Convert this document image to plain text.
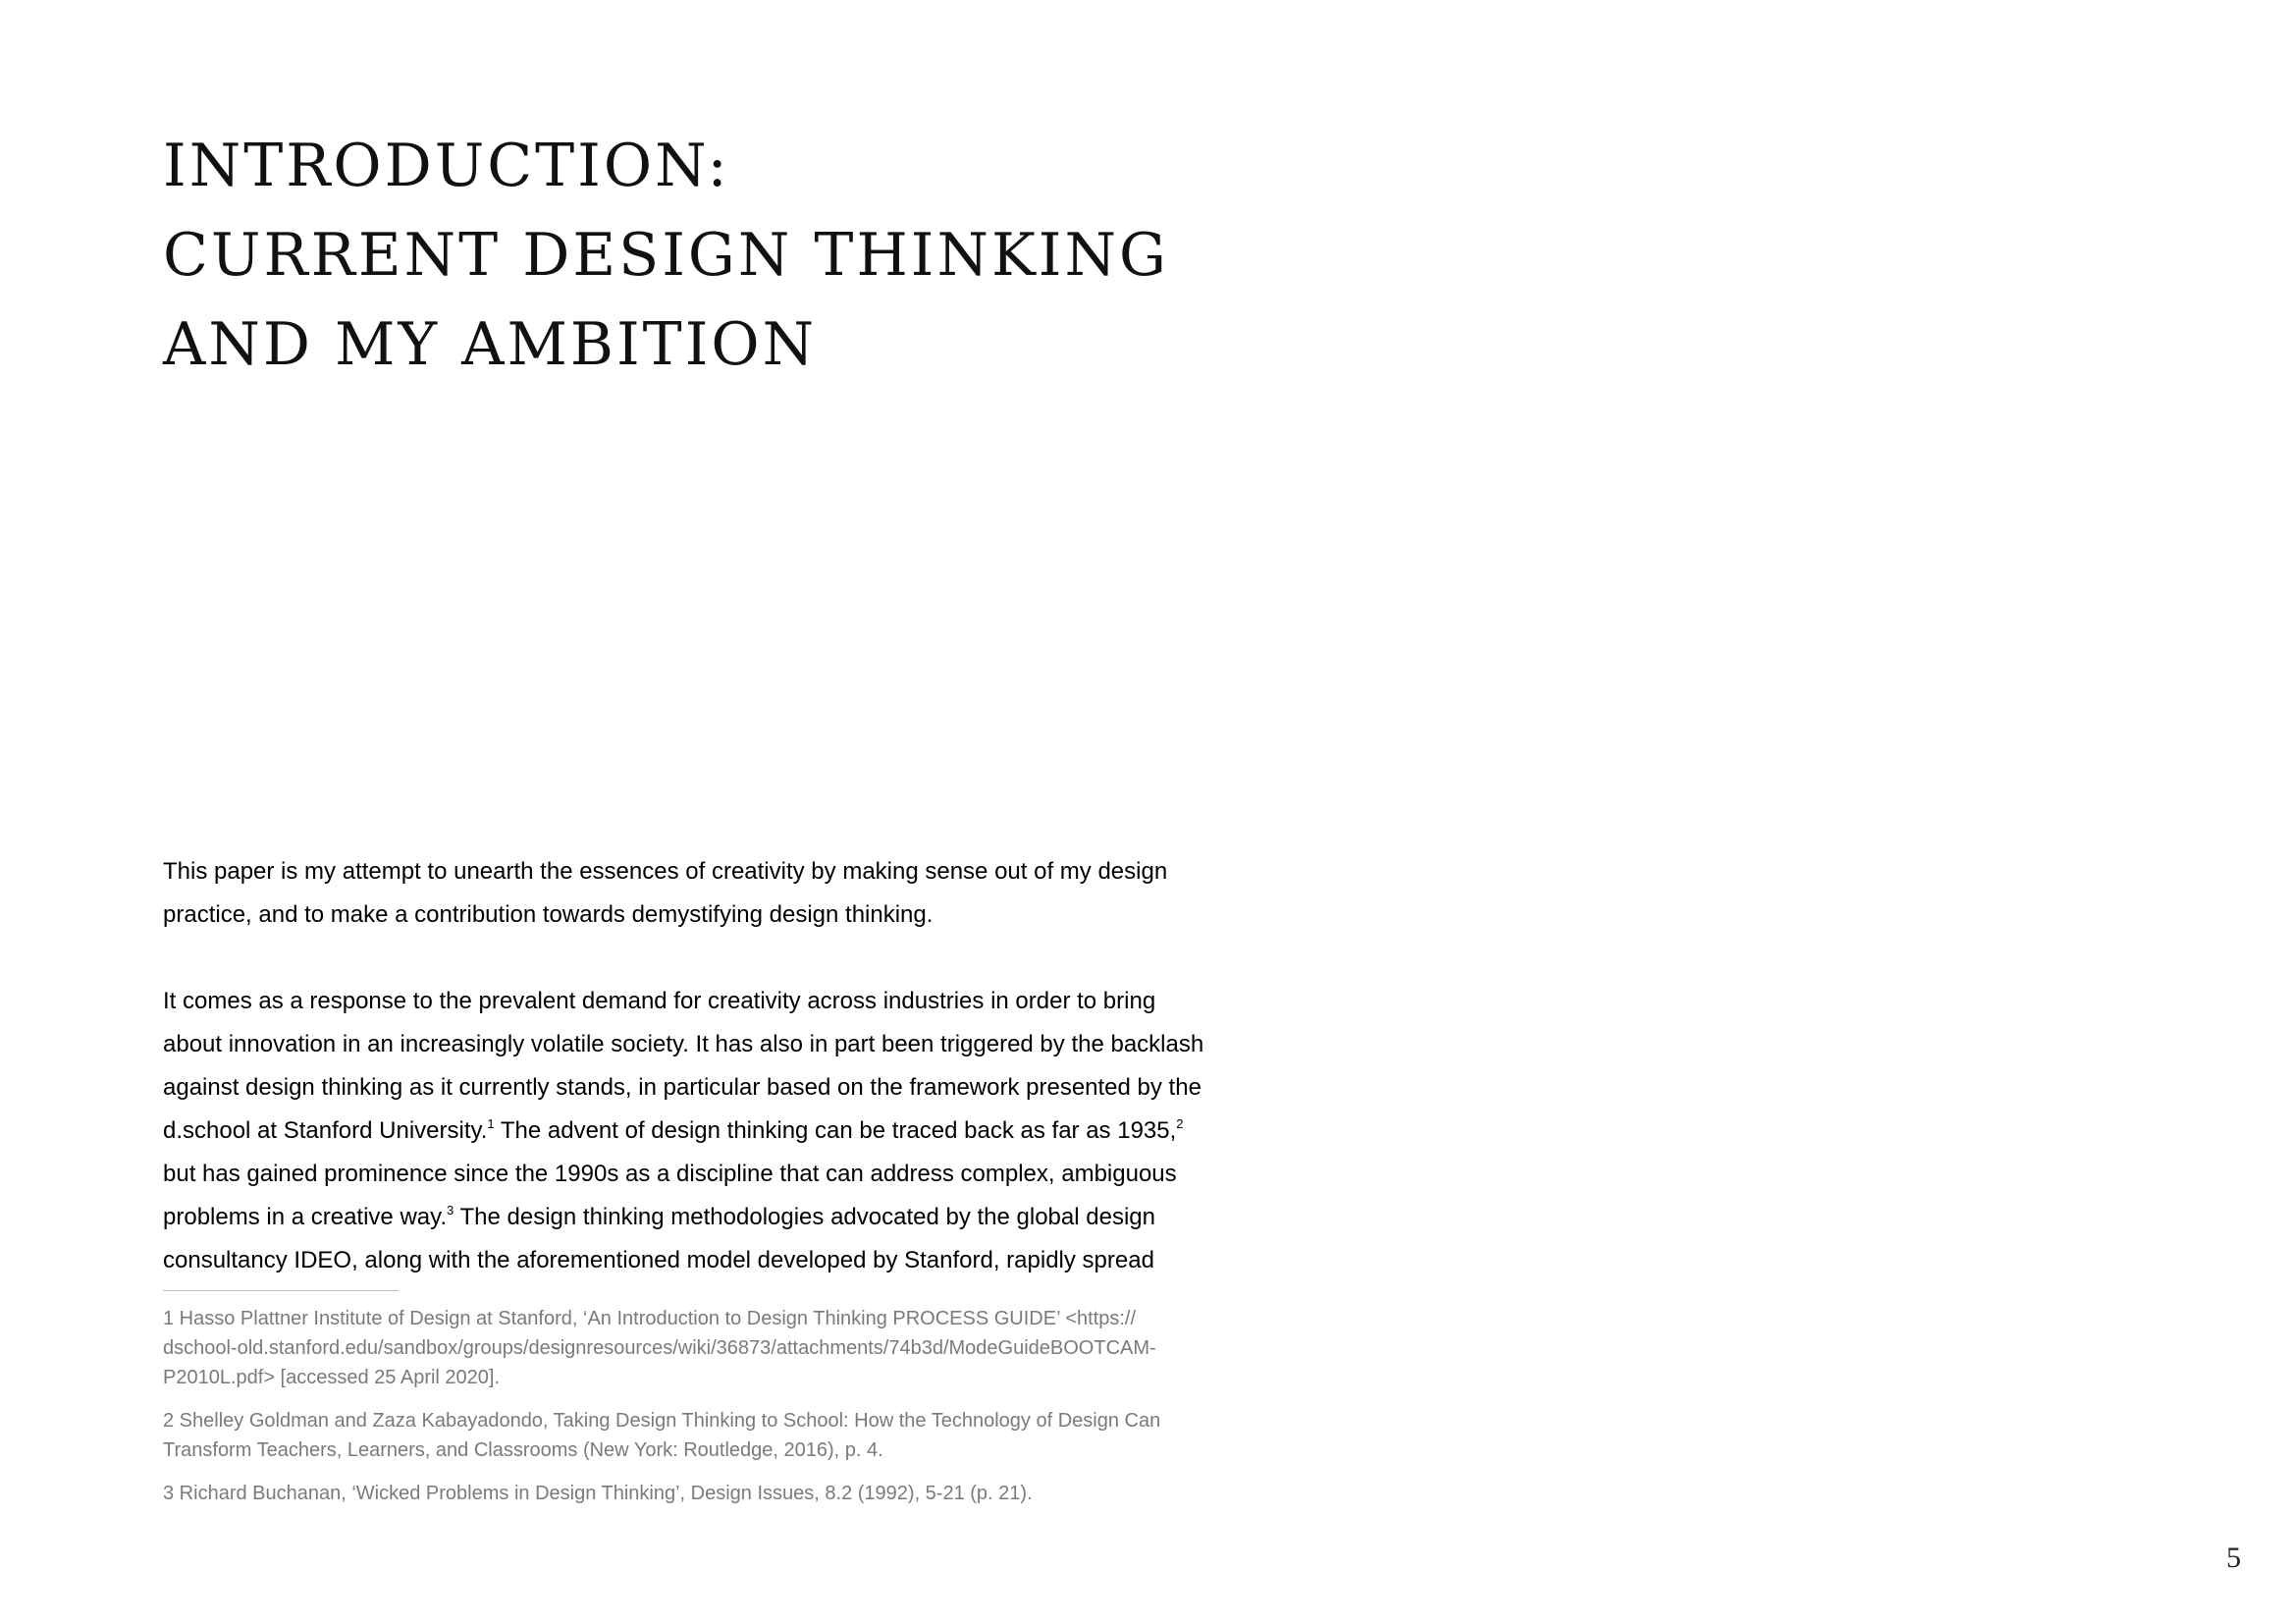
INTRODUCTION:
CURRENT DESIGN THINKING
AND MY AMBITION

This paper is my attempt to unearth the essences of creativity by making sense out of my design
practice, and to make a contribution towards demystifying design thinking.

It comes as a response to the prevalent demand for creativity across industries in order to bring
about innovation in an increasingly volatile society. It has also in part been triggered by the backlash
against design thinking as it currently stands, in particular based on the framework presented by the
d.school at Stanford University.$^1$ The advent of design thinking can be traced back as far as 1935,$^2$
but has gained prominence since the 1990s as a discipline that can address complex, ambiguous
problems in a creative way.$^3$ The design thinking methodologies advocated by the global design
consultancy IDEO, along with the aforementioned model developed by Stanford, rapidly spread

1 Hasso Plattner Institute of Design at Stanford, ‘An Introduction to Design Thinking PROCESS GUIDE’ <https://
dschool-old.stanford.edu/sandbox/groups/designresources/wiki/36873/attachments/74b3d/ModeGuideBOOTCAM-
P2010L.pdf> [accessed 25 April 2020].

2 Shelley Goldman and Zaza Kabayadondo, Taking Design Thinking to School: How the Technology of Design Can
Transform Teachers, Learners, and Classrooms (New York: Routledge, 2016), p. 4.

3 Richard Buchanan, ‘Wicked Problems in Design Thinking’, Design Issues, 8.2 (1992), 5-21 (p. 21).

5
